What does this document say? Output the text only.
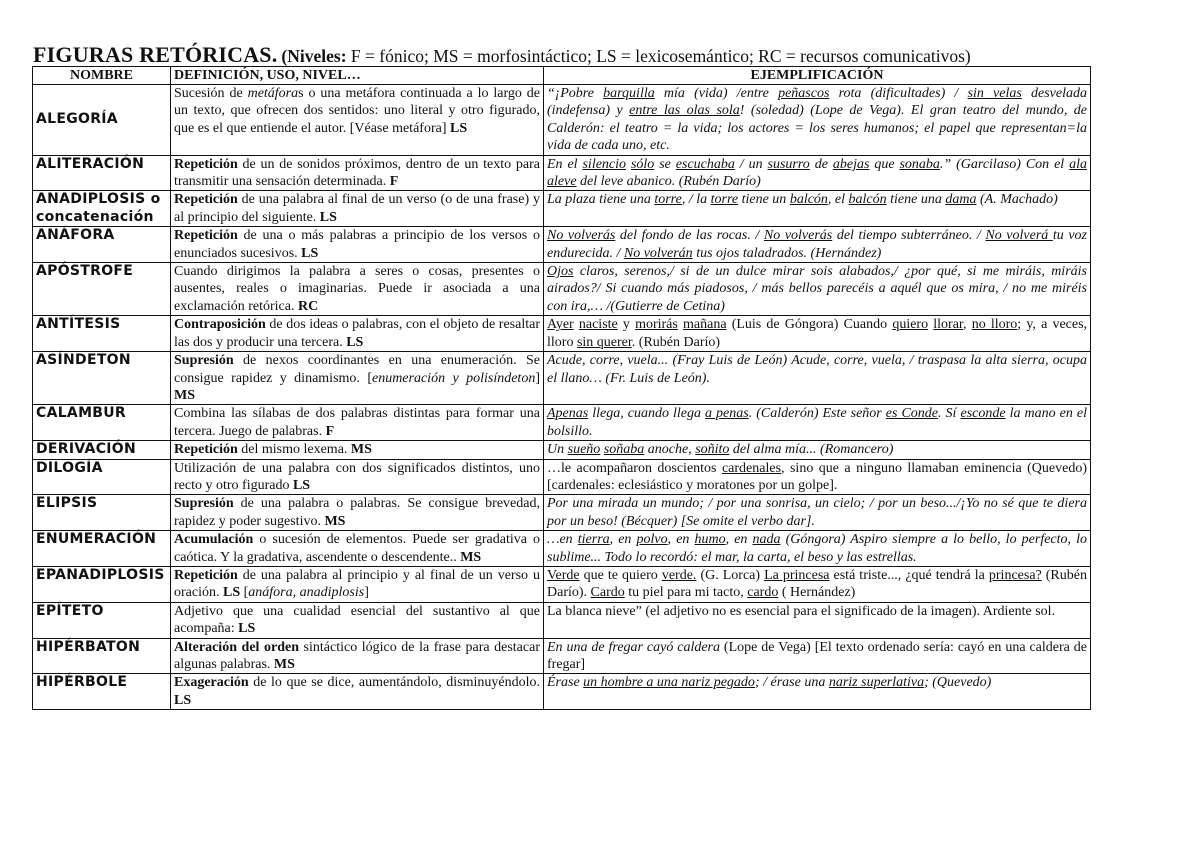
FIGURAS RETÓRICAS. (Niveles: F = fónico; MS = morfosintáctico; LS = lexicosemántico; RC = recursos comunicativos)
NOMBRE	DEFINICIÓN, USO, NIVEL…	EJEMPLIFICACIÓN
ALEGORÍA	Sucesión de metáforas o una metáfora continuada a lo largo de un texto, que ofrecen dos sentidos: uno literal y otro figurado, que es el que entiende el autor. [Véase metáfora] LS	“¡Pobre barquilla mía (vida) /entre peñascos rota (dificultades) / sin velas desvelada (indefensa) y entre las olas sola! (soledad) (Lope de Vega). El gran teatro del mundo, de Calderón: el teatro = la vida; los actores = los seres humanos; el papel que representan=la vida de cada uno, etc.
ALITERACIÓN	Repetición de un de sonidos próximos, dentro de un texto para transmitir una sensación determinada. F	En el silencio sólo se escuchaba / un susurro de abejas que sonaba.” (Garcilaso) Con el ala aleve del leve abanico. (Rubén Darío)
ANADIPLOSIS o concatenación	Repetición de una palabra al final de un verso (o de una frase) y al principio del siguiente. LS	La plaza tiene una torre, / la torre tiene un balcón, el balcón tiene una dama (A. Machado)
ANÁFORA	Repetición de una o más palabras a principio de los versos o enunciados sucesivos. LS	No volverás del fondo de las rocas. / No volverás del tiempo subterráneo. / No volverá tu voz endurecida. / No volverán tus ojos taladrados. (Hernández)
APÓSTROFE	Cuando dirigimos la palabra a seres o cosas, presentes o ausentes, reales o imaginarias. Puede ir asociada a una exclamación retórica. RC	Ojos claros, serenos,/ si de un dulce mirar sois alabados,/ ¿por qué, si me miráis, miráis airados?/ Si cuando más piadosos, / más bellos parecéis a aquél que os mira, / no me miréis con ira,… /(Gutierre de Cetina)
ANTÍTESIS	Contraposición de dos ideas o palabras, con el objeto de resaltar las dos y producir una tercera. LS	Ayer naciste y morirás mañana (Luis de Góngora) Cuando quiero llorar, no lloro; y, a veces, lloro sin querer. (Rubén Darío)
ASÍNDETON	Supresión de nexos coordinantes en una enumeración. Se consigue rapidez y dinamismo. [enumeración y polisíndeton] MS	Acude, corre, vuela... (Fray Luis de León) Acude, corre, vuela, / traspasa la alta sierra, ocupa el llano… (Fr. Luis de León).
CALAMBUR	Combina las sílabas de dos palabras distintas para formar una tercera. Juego de palabras. F	Apenas llega, cuando llega a penas. (Calderón) Este señor es Conde. Sí esconde la mano en el bolsillo.
DERIVACIÓN	Repetición del mismo lexema. MS	Un sueño soñaba anoche, soñito del alma mía... (Romancero)
DILOGÍA	Utilización de una palabra con dos significados distintos, uno recto y otro figurado LS	…le acompañaron doscientos cardenales, sino que a ninguno llamaban eminencia (Quevedo) [cardenales: eclesiástico y moratones por un golpe].
ELIPSIS	Supresión de una palabra o palabras. Se consigue brevedad, rapidez y poder sugestivo. MS	Por una mirada un mundo; / por una sonrisa, un cielo; / por un beso.../¡Yo no sé que te diera por un beso! (Bécquer) [Se omite el verbo dar].
ENUMERACIÓN	Acumulación o sucesión de elementos. Puede ser gradativa o caótica. Y la gradativa, ascendente o descendente.. MS	…en tierra, en polvo, en humo, en nada (Góngora) Aspiro siempre a lo bello, lo perfecto, lo sublime... Todo lo recordó: el mar, la carta, el beso y las estrellas.
EPANADIPLOSIS	Repetición de una palabra al principio y al final de un verso u oración. LS [anáfora, anadiplosis]	Verde que te quiero verde. (G. Lorca) La princesa está triste..., ¿qué tendrá la princesa? (Rubén Darío). Cardo tu piel para mi tacto, cardo ( Hernández)
EPÍTETO	Adjetivo que una cualidad esencial del sustantivo al que acompaña: LS	La blanca nieve” (el adjetivo no es esencial para el significado de la imagen). Ardiente sol.
HIPÉRBATON	Alteración del orden sintáctico lógico de la frase para destacar algunas palabras. MS	En una de fregar cayó caldera (Lope de Vega) [El texto ordenado sería: cayó en una caldera de fregar]
HIPÉRBOLE	Exageración de lo que se dice, aumentándolo, disminuyéndolo. LS	Érase un hombre a una nariz pegado; / érase una nariz superlativa; (Quevedo)
